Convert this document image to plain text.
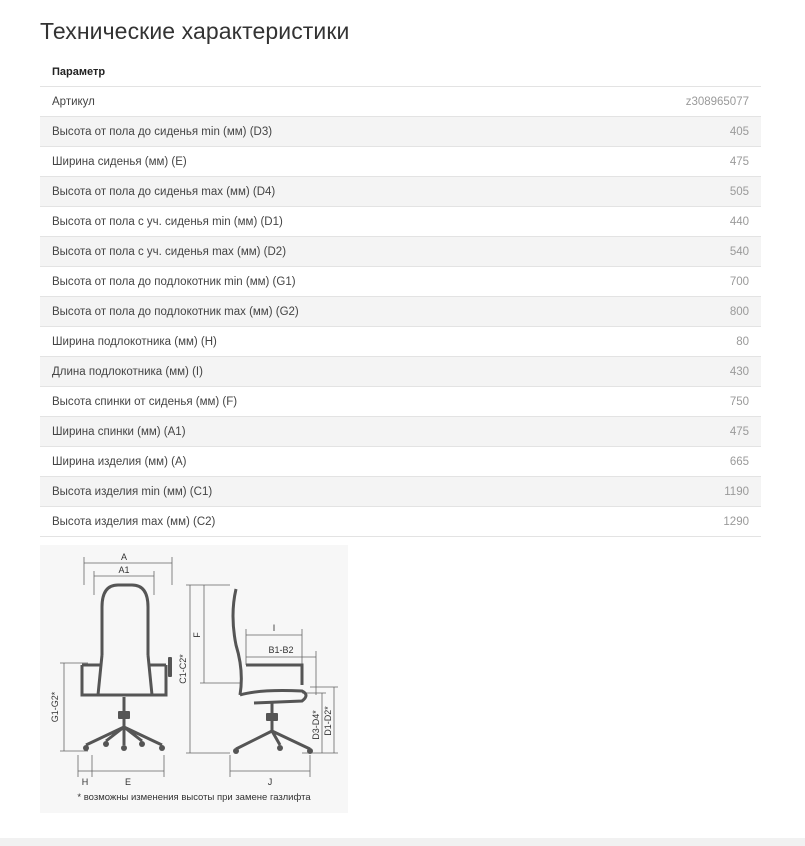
Технические характеристики
Параметр
Артикул	z308965077
Высота от пола до сиденья min (мм) (D3)	405
Ширина сиденья (мм) (E)	475
Высота от пола до сиденья max (мм) (D4)	505
Высота от пола с уч. сиденья min (мм) (D1)	440
Высота от пола с уч. сиденья max (мм) (D2)	540
Высота от пола до подлокотник min (мм) (G1)	700
Высота от пола до подлокотник max (мм) (G2)	800
Ширина подлокотника (мм) (H)	80
Длина подлокотника (мм) (I)	430
Высота спинки от сиденья (мм) (F)	750
Ширина спинки (мм) (A1)	475
Ширина изделия (мм) (A)	665
Высота изделия min (мм) (C1)	1190
Высота изделия max (мм) (C2)	1290
A
A1
G1-G2*
H	E
F
C1-C2*
I
B1-B2
D3-D4* D1-D2*
J
* возможны изменения высоты при замене газлифта
